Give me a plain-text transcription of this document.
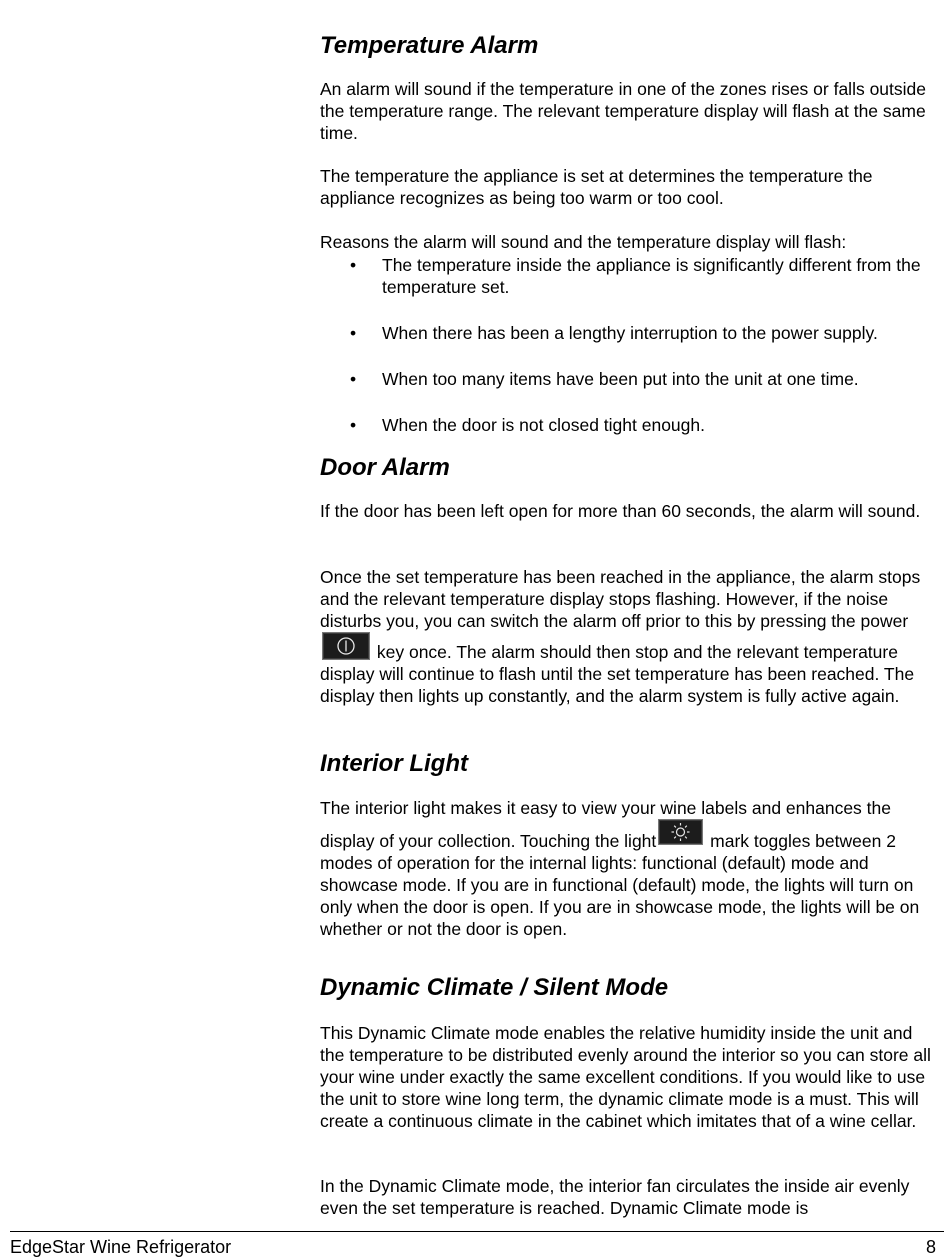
Temperature Alarm

An alarm will sound if the temperature in one of the zones rises or falls outside the temperature range. The relevant temperature display will flash at the same time.

The temperature the appliance is set at determines the temperature the appliance recognizes as being too warm or too cool.

Reasons the alarm will sound and the temperature display will flash:

• The temperature inside the appliance is significantly different from the temperature set.
• When there has been a lengthy interruption to the power supply.
• When too many items have been put into the unit at one time.
• When the door is not closed tight enough.
Door Alarm

If the door has been left open for more than 60 seconds, the alarm will sound.

Once the set temperature has been reached in the appliance, the alarm stops and the relevant temperature display stops flashing. However, if the noise disturbs you, you can switch the alarm off prior to this by pressing the power
key once. The alarm should then stop and the relevant temperature display will continue to flash until the set temperature has been reached. The display then lights up constantly, and the alarm system is fully active again.

Interior Light

The interior light makes it easy to view your wine labels and enhances the display of your collection. Touching the light	mark toggles between 2 modes of operation for the internal lights: functional (default) mode and showcase mode. If you are in functional (default) mode, the lights will turn on only when the door is open. If you are in showcase mode, the lights will be on whether or not the door is open.

Dynamic Climate / Silent Mode

This Dynamic Climate mode enables the relative humidity inside the unit and the temperature to be distributed evenly around the interior so you can store all your wine under exactly the same excellent conditions. If you would like to use the unit to store wine long term, the dynamic climate mode is a must. This will create a continuous climate in the cabinet which imitates that of a wine cellar.

In the Dynamic Climate mode, the interior fan circulates the inside air evenly even the set temperature is reached. Dynamic Climate mode is

EdgeStar Wine Refrigerator	8
